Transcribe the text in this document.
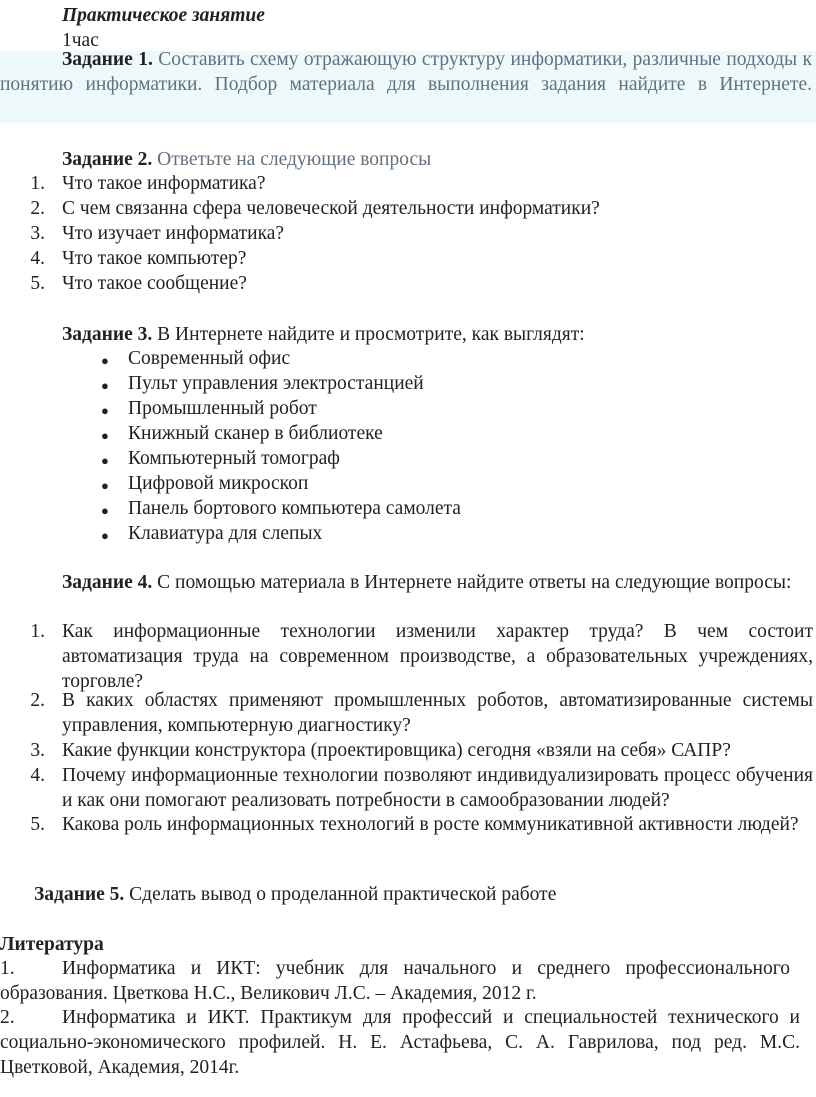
Практическое занятие
1час
Задание 1. Составить схему отражающую структуру информатики, различные подходы к понятию информатики. Подбор материала для выполнения задания найдите в Интернете.
Задание 2. Ответьте на следующие вопросы
1. Что такое информатика?
2. С чем связанна сфера человеческой деятельности информатики?
3. Что изучает информатика?
4. Что такое компьютер?
5. Что такое сообщение?
Задание 3. В Интернете найдите и просмотрите, как выглядят:
● Современный офис
● Пульт управления электростанцией
● Промышленный робот
● Книжный сканер в библиотеке
● Компьютерный томограф
● Цифровой микроскоп
● Панель бортового компьютера самолета
● Клавиатура для слепых
Задание 4. С помощью материала в Интернете найдите ответы на следующие вопросы:
1. Как информационные технологии изменили характер труда? В чем состоит автоматизация труда на современном производстве, а образовательных учреждениях, торговле?
2. В каких областях применяют промышленных роботов, автоматизированные системы управления, компьютерную диагностику?
3. Какие функции конструктора (проектировщика) сегодня «взяли на себя» САПР?
4. Почему информационные технологии позволяют индивидуализировать процесс обучения и как они помогают реализовать потребности в самообразовании людей?
5. Какова роль информационных технологий в росте коммуникативной активности людей?
Задание 5. Сделать вывод о проделанной практической работе
Литература
1.	Информатика и ИКТ: учебник для начального и среднего профессионального образования. Цветкова Н.С., Великович Л.С. – Академия, 2012 г.
2.	Информатика и ИКТ. Практикум для профессий и специальностей технического и социально-экономического профилей. Н. Е. Астафьева, С. А. Гаврилова, под ред. М.С. Цветковой, Академия, 2014г.
